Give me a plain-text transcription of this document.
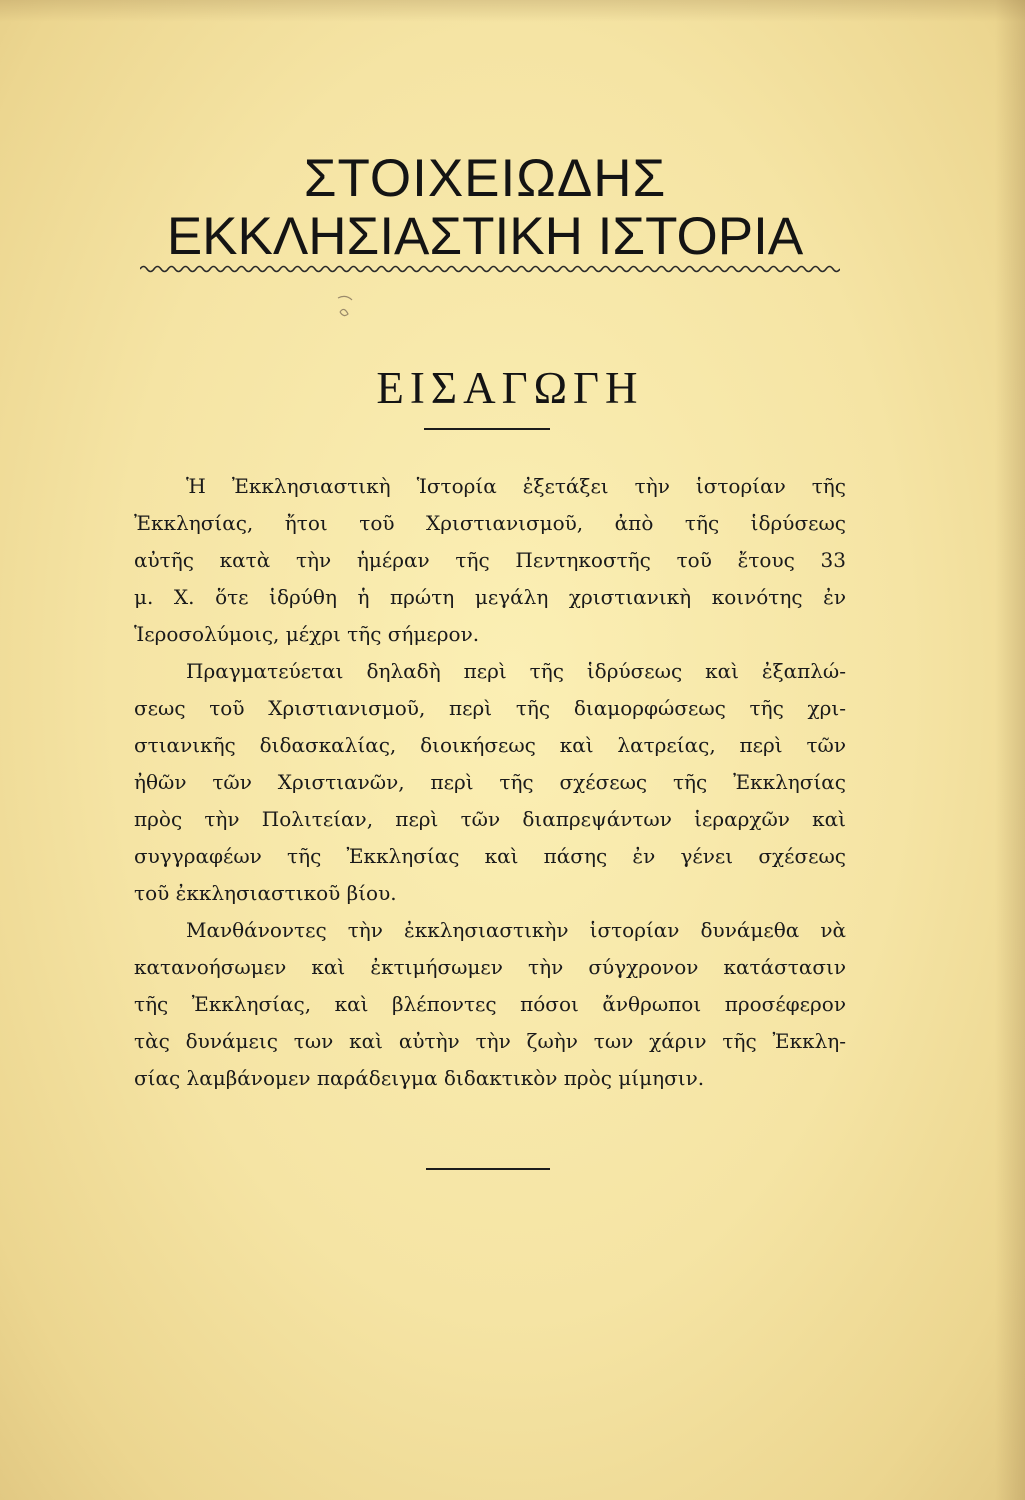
ΣΤΟΙΧΕΙΩΔΗΣ
ΕΚΚΛΗΣΙΑΣΤΙΚΗ ΙΣΤΟΡΙΑ
ΕΙΣΑΓΩΓΗ
Ἡ Ἐκκλησιαστικὴ Ἱστορία ἐξετάξει τὴν ἱστορίαν τῆς
Ἐκκλησίας, ἤτοι τοῦ Χριστιανισμοῦ, ἀπὸ τῆς ἱδρύσεως
αὐτῆς κατὰ τὴν ἡμέραν τῆς Πεντηκοστῆς τοῦ ἔτους 33
μ. Χ. ὅτε ἱδρύθη ἡ πρώτη μεγάλη χριστιανικὴ κοινότης ἐν
Ἱεροσολύμοις, μέχρι τῆς σήμερον.
Πραγματεύεται δηλαδὴ περὶ τῆς ἱδρύσεως καὶ ἐξαπλώ-
σεως τοῦ Χριστιανισμοῦ, περὶ τῆς διαμορφώσεως τῆς χρι-
στιανικῆς διδασκαλίας, διοικήσεως καὶ λατρείας, περὶ τῶν
ἠθῶν τῶν Χριστιανῶν, περὶ τῆς σχέσεως τῆς Ἐκκλησίας
πρὸς τὴν Πολιτείαν, περὶ τῶν διαπρεψάντων ἱεραρχῶν καὶ
συγγραφέων τῆς Ἐκκλησίας καὶ πάσης ἐν γένει σχέσεως
τοῦ ἐκκλησιαστικοῦ βίου.
Μανθάνοντες τὴν ἐκκλησιαστικὴν ἱστορίαν δυνάμεθα νὰ
κατανοήσωμεν καὶ ἐκτιμήσωμεν τὴν σύγχρονον κατάστασιν
τῆς Ἐκκλησίας, καὶ βλέποντες πόσοι ἄνθρωποι προσέφερον
τὰς δυνάμεις των καὶ αὐτὴν τὴν ζωὴν των χάριν τῆς Ἐκκλη-
σίας λαμβάνομεν παράδειγμα διδακτικὸν πρὸς μίμησιν.
